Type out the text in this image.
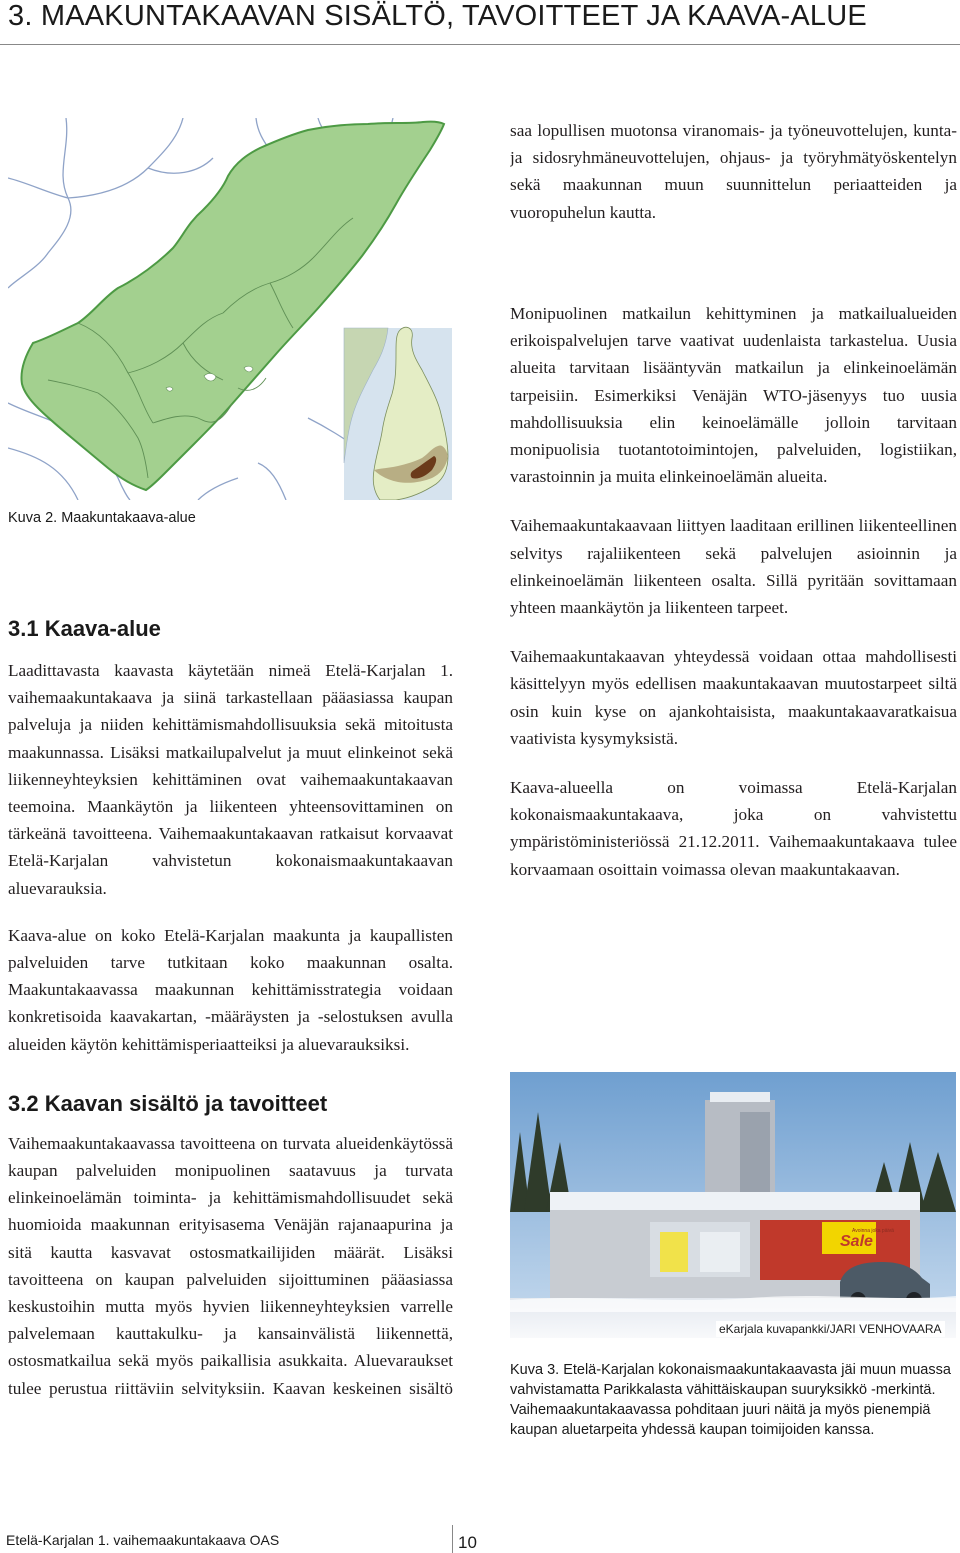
3. MAAKUNTAKAAVAN SISÄLTÖ, TAVOITTEET JA KAAVA-ALUE
Kuva 2. Maakuntakaava-alue
3.1 Kaava-alue

Laadittavasta kaavasta käytetään nimeä Etelä-Karjalan 1. vaihemaakuntakaava ja siinä tarkastellaan pääasiassa kaupan palveluja ja niiden kehittämismahdollisuuksia sekä mitoitusta maakunnassa. Lisäksi matkailupalvelut ja muut elinkeinot sekä liikenneyhteyksien kehittäminen ovat vaihemaakuntakaavan teemoina. Maankäytön ja liikenteen yhteensovittaminen on tärkeänä tavoitteena. Vaihemaakuntakaavan ratkaisut korvaavat Etelä-Karjalan vahvistetun kokonaismaakuntakaavan aluevarauksia.

Kaava-alue on koko Etelä-Karjalan maakunta ja kaupallisten palveluiden tarve tutkitaan koko maakunnan osalta. Maakuntakaavassa maakunnan kehittämisstrategia voidaan konkretisoida kaavakartan, -määräysten ja -selostuksen avulla alueiden käytön kehittämisperiaatteiksi ja aluevarauksiksi.

3.2 Kaavan sisältö ja tavoitteet

Vaihemaakuntakaavassa tavoitteena on turvata alueidenkäytössä kaupan palveluiden monipuolinen saatavuus ja turvata elinkeinoelämän toiminta- ja kehittämismahdollisuudet sekä huomioida maakunnan erityisasema Venäjän rajanaapurina ja sitä kautta kasvavat ostosmatkailijiden määrät. Lisäksi tavoitteena on kaupan palveluiden sijoittuminen pääasiassa keskustoihin mutta myös hyvien liikenneyhteyksien varrelle palvelemaan kauttakulku- ja kansainvälistä liikennettä, ostosmatkailua sekä myös paikallisia asukkaita. Aluevaraukset tulee perustua riittäviin selvityksiin. Kaavan keskeinen sisältö

saa lopullisen muotonsa viranomais- ja työneuvottelujen, kunta- ja sidosryhmäneuvottelujen, ohjaus- ja työryhmätyöskentelyn sekä maakunnan muun suunnittelun periaatteiden ja vuoropuhelun kautta.

Monipuolinen matkailun kehittyminen ja matkailualueiden erikoispalvelujen tarve vaativat uudenlaista tarkastelua. Uusia alueita tarvitaan lisääntyvän matkailun ja elinkeinoelämän tarpeisiin. Esimerkiksi Venäjän WTO-jäsenyys tuo uusia mahdollisuuksia elin keinoelämälle jolloin tarvitaan monipuolisia tuotantotoimintojen, palveluiden, logistiikan, varastoinnin ja muita elinkeinoelämän alueita.

Vaihemaakuntakaavaan liittyen laaditaan erillinen liikenteellinen selvitys rajaliikenteen sekä palvelujen asioinnin ja elinkeinoelämän liikenteen osalta. Sillä pyritään sovittamaan yhteen maankäytön ja liikenteen tarpeet.

Vaihemaakuntakaavan yhteydessä voidaan ottaa mahdollisesti käsittelyyn myös edellisen maakuntakaavan muutostarpeet siltä osin kuin kyse on ajankohtaisista, maakuntakaavaratkaisua vaativista kysymyksistä.

Kaava-alueella on voimassa Etelä-Karjalan kokonaismaakuntakaava, joka on vahvistettu ympäristöministeriössä 21.12.2011. Vaihemaakuntakaava tulee korvaamaan osoittain voimassa olevan maakuntakaavan.

Sale
Avoinna joka päivä
eKarjala kuvapankki/JARI VENHOVAARA
Kuva 3. Etelä-Karjalan kokonaismaakuntakaavasta jäi muun muassa vahvistamatta Parikkalasta vähittäiskaupan suuryksikkö -merkintä. Vaihemaakuntakaavassa pohditaan juuri näitä ja myös pienempiä kaupan aluetarpeita yhdessä kaupan toimijoiden kanssa.
Etelä-Karjalan 1. vaihemaakuntakaava OAS	10
